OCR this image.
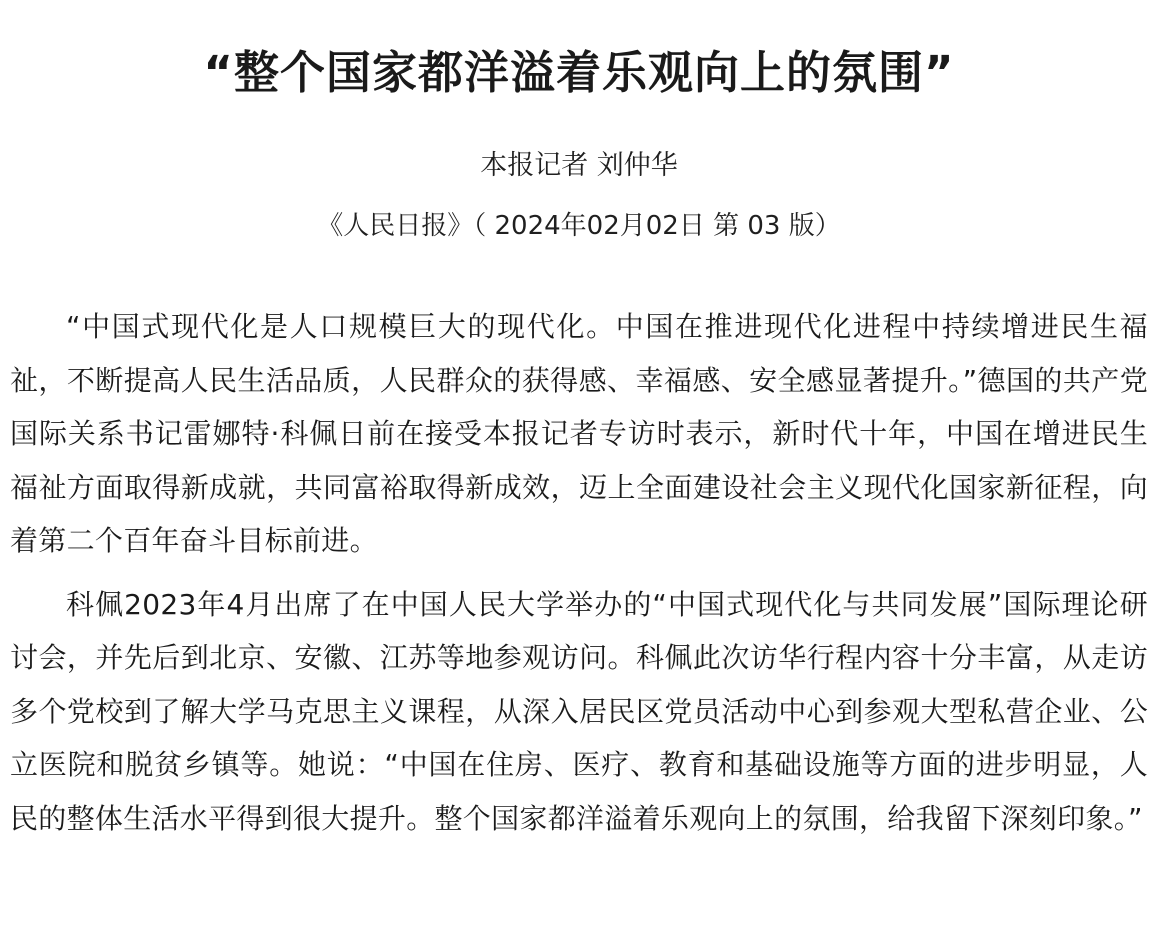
“整个国家都洋溢着乐观向上的氛围”
本报记者 刘仲华
《人民日报》（ 2024年02月02日 第 03 版）

“中国式现代化是人口规模巨大的现代化。中国在推进现代化进程中持续增进民生福祉，不断提高人民生活品质，人民群众的获得感、幸福感、安全感显著提升。”德国的共产党国际关系书记雷娜特·科佩日前在接受本报记者专访时表示，新时代十年，中国在增进民生福祉方面取得新成就，共同富裕取得新成效，迈上全面建设社会主义现代化国家新征程，向着第二个百年奋斗目标前进。

科佩2023年4月出席了在中国人民大学举办的“中国式现代化与共同发展”国际理论研讨会，并先后到北京、安徽、江苏等地参观访问。科佩此次访华行程内容十分丰富，从走访多个党校到了解大学马克思主义课程，从深入居民区党员活动中心到参观大型私营企业、公立医院和脱贫乡镇等。她说：“中国在住房、医疗、教育和基础设施等方面的进步明显，人民的整体生活水平得到很大提升。整个国家都洋溢着乐观向上的氛围，给我留下深刻印象。”
